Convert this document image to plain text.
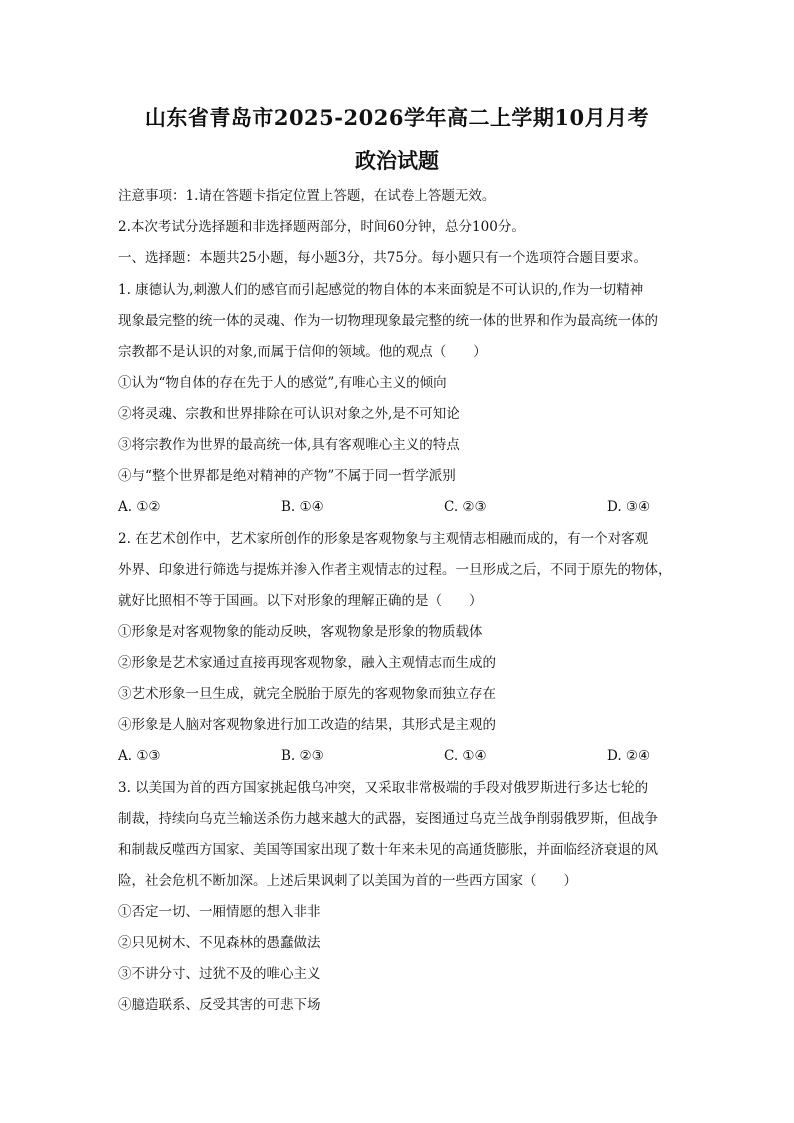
山东省青岛市2025-2026学年高二上学期10月月考
政治试题
注意事项：1.请在答题卡指定位置上答题，在试卷上答题无效。
2.本次考试分选择题和非选择题两部分，时间60分钟，总分100分。
一、选择题：本题共25小题，每小题3分，共75分。每小题只有一个选项符合题目要求。
1. 康德认为,刺激人们的感官而引起感觉的物自体的本来面貌是不可认识的,作为一切精神
现象最完整的统一体的灵魂、作为一切物理现象最完整的统一体的世界和作为最高统一体的
宗教都不是认识的对象,而属于信仰的领域。他的观点（　　）
①认为“物自体的存在先于人的感觉”,有唯心主义的倾向
②将灵魂、宗教和世界排除在可认识对象之外,是不可知论
③将宗教作为世界的最高统一体,具有客观唯心主义的特点
④与“整个世界都是绝对精神的产物”不属于同一哲学派别
A. ①②	B. ①④	C. ②③	D. ③④
2. 在艺术创作中，艺术家所创作的形象是客观物象与主观情志相融而成的，有一个对客观
外界、印象进行筛选与提炼并渗入作者主观情志的过程。一旦形成之后，不同于原先的物体，
就好比照相不等于国画。以下对形象的理解正确的是（　　）
①形象是对客观物象的能动反映，客观物象是形象的物质载体
②形象是艺术家通过直接再现客观物象，融入主观情志而生成的
③艺术形象一旦生成，就完全脱胎于原先的客观物象而独立存在
④形象是人脑对客观物象进行加工改造的结果，其形式是主观的
A. ①③	B. ②③	C. ①④	D. ②④
3. 以美国为首的西方国家挑起俄乌冲突，又采取非常极端的手段对俄罗斯进行多达七轮的
制裁，持续向乌克兰输送杀伤力越来越大的武器，妄图通过乌克兰战争削弱俄罗斯，但战争
和制裁反噬西方国家、美国等国家出现了数十年来未见的高通货膨胀，并面临经济衰退的风
险，社会危机不断加深。上述后果讽刺了以美国为首的一些西方国家（　　）
①否定一切、一厢情愿的想入非非
②只见树木、不见森林的愚蠢做法
③不讲分寸、过犹不及的唯心主义
④臆造联系、反受其害的可悲下场
